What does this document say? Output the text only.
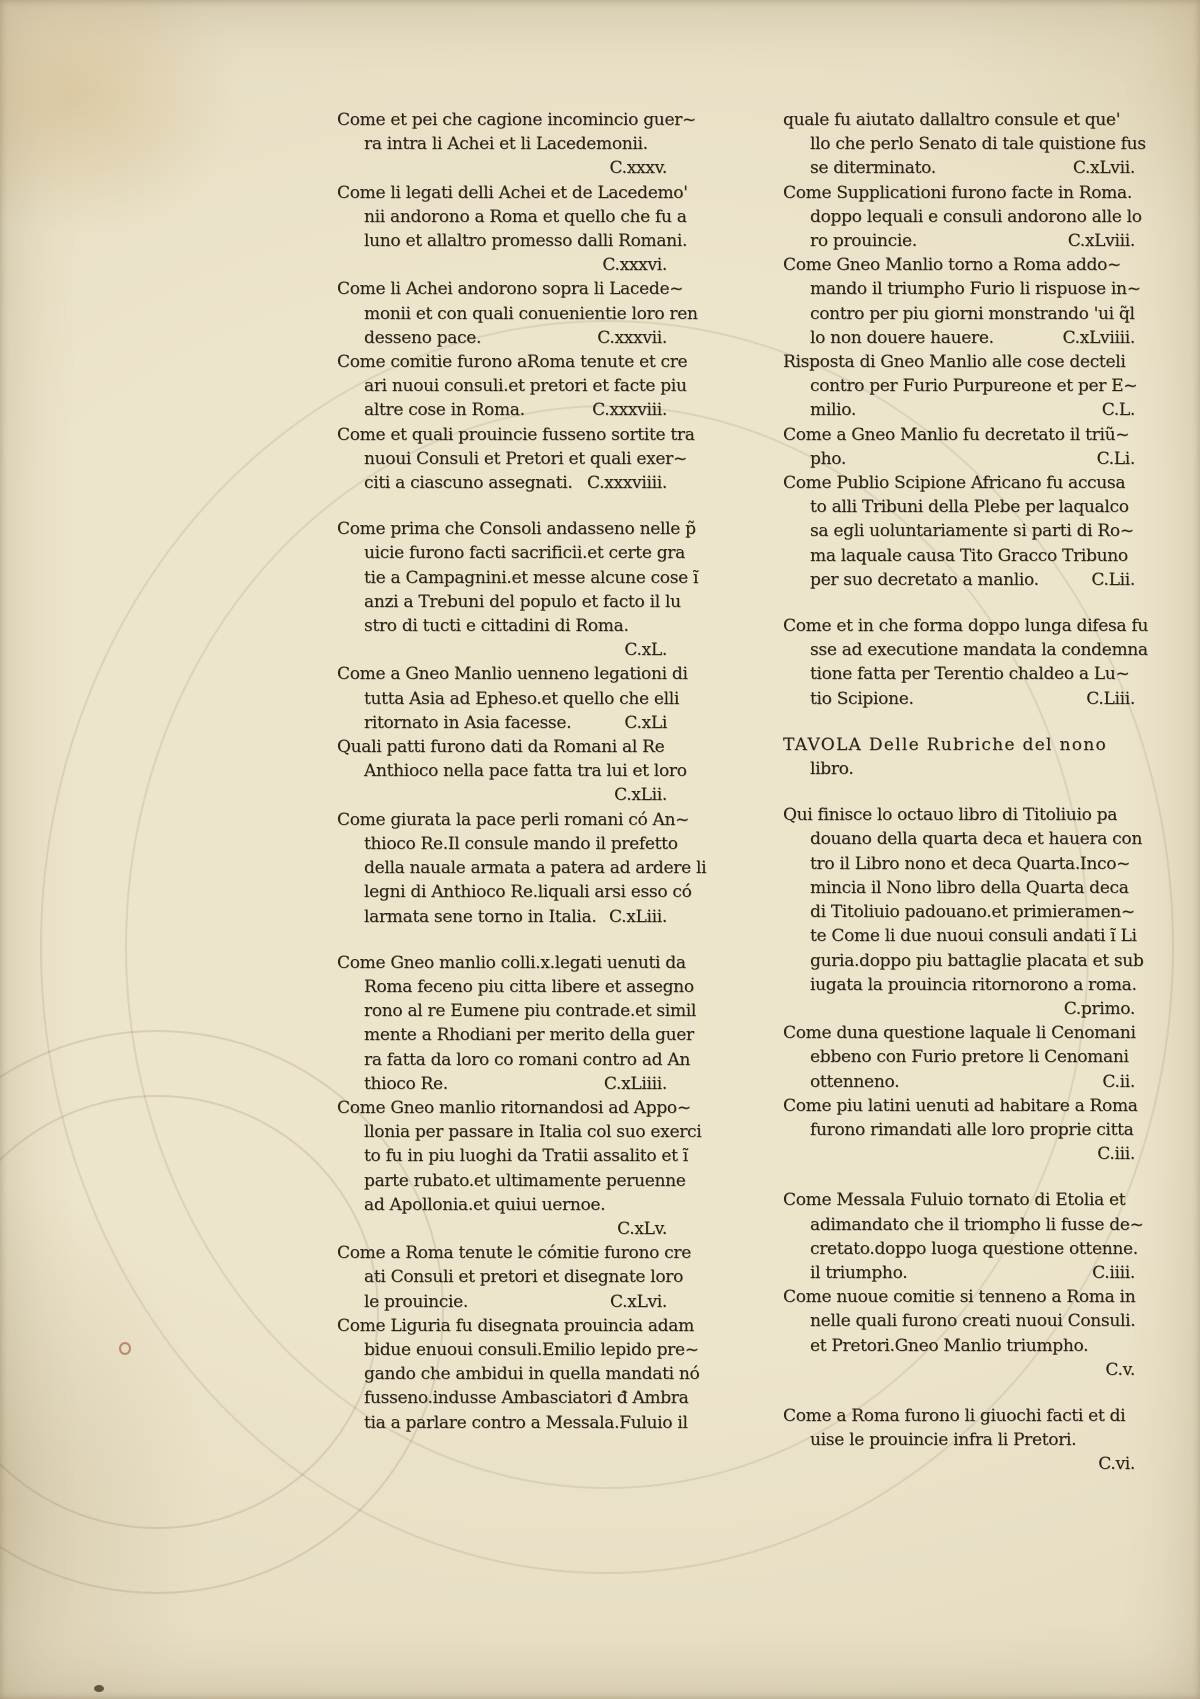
Come et pei che cagione incomincio guer~
ra intra li Achei et li Lacedemonii.
C.xxxv.
Come li legati delli Achei et de Lacedemo'
nii andorono a Roma et quello che fu a
luno et allaltro promesso dalli Romani.
C.xxxvi.
Come li Achei andorono sopra li Lacede~
monii et con quali conuenientie loro ren
desseno pace.	C.xxxvii.
Come comitie furono aRoma tenute et cre
ari nuoui consuli.et pretori et facte piu
altre cose in Roma.	C.xxxviii.
Come et quali prouincie fusseno sortite tra
nuoui Consuli et Pretori et quali exer~
citi a ciascuno assegnati. C.xxxviiii.
Come prima che Consoli andasseno nelle p̃
uicie furono facti sacrificii.et certe gra
tie a Campagnini.et messe alcune cose ĩ
anzi a Trebuni del populo et facto il lu
stro di tucti e cittadini di Roma.
C.xL.
Come a Gneo Manlio uenneno legationi di
tutta Asia ad Epheso.et quello che elli
ritornato in Asia facesse.	C.xLi
Quali patti furono dati da Romani al Re
Anthioco nella pace fatta tra lui et loro
C.xLii.
Come giurata la pace perli romani có An~
thioco Re.Il consule mando il prefetto
della nauale armata a patera ad ardere li
legni di Anthioco Re.liquali arsi esso có
larmata sene torno in Italia. C.xLiii.
Come Gneo manlio colli.x.legati uenuti da
Roma feceno piu citta libere et assegno
rono al re Eumene piu contrade.et simil
mente a Rhodiani per merito della guer
ra fatta da loro co romani contro ad An
thioco Re.	C.xLiiii.
Come Gneo manlio ritornandosi ad Appo~
llonia per passare in Italia col suo exerci
to fu in piu luoghi da Tratii assalito et ĩ
parte rubato.et ultimamente peruenne
ad Apollonia.et quiui uernoe.
C.xLv.
Come a Roma tenute le cómitie furono cre
ati Consuli et pretori et disegnate loro
le prouincie.	C.xLvi.
Come Liguria fu disegnata prouincia adam
bidue enuoui consuli.Emilio lepido pre~
gando che ambidui in quella mandati nó
fusseno.indusse Ambasciatori đ Ambra
tia a parlare contro a Messala.Fuluio il
quale fu aiutato dallaltro consule et que'
llo che perlo Senato di tale quistione fus
se diterminato.	C.xLvii.
Come Supplicationi furono facte in Roma.
doppo lequali e consuli andorono alle lo
ro prouincie.	C.xLviii.
Come Gneo Manlio torno a Roma addo~
mando il triumpho Furio li rispuose in~
contro per piu giorni monstrando 'ui q̃l
lo non douere hauere.	C.xLviiii.
Risposta di Gneo Manlio alle cose decteli
contro per Furio Purpureone et per E~
milio.	C.L.
Come a Gneo Manlio fu decretato il triũ~
pho.	C.Li.
Come Publio Scipione Africano fu accusa
to alli Tribuni della Plebe per laqualco
sa egli uoluntariamente si parti di Ro~
ma laquale causa Tito Gracco Tribuno
per suo decretato a manlio.	C.Lii.
Come et in che forma doppo lunga difesa fu
sse ad executione mandata la condemna
tione fatta per Terentio chaldeo a Lu~
tio Scipione.	C.Liii.
TAVOLA Delle Rubriche del nono
libro.
Qui finisce lo octauo libro di Titoliuio pa
douano della quarta deca et hauera con
tro il Libro nono et deca Quarta.Inco~
mincia il Nono libro della Quarta deca
di Titoliuio padouano.et primieramen~
te Come li due nuoui consuli andati ĩ Li
guria.doppo piu battaglie placata et sub
iugata la prouincia ritornorono a roma.
C.primo.
Come duna questione laquale li Cenomani
ebbeno con Furio pretore li Cenomani
ottenneno.	C.ii.
Come piu latini uenuti ad habitare a Roma
furono rimandati alle loro proprie citta
C.iii.
Come Messala Fuluio tornato di Etolia et
adimandato che il triompho li fusse de~
cretato.doppo luoga questione ottenne.
il triumpho.	C.iiii.
Come nuoue comitie si tenneno a Roma in
nelle quali furono creati nuoui Consuli.
et Pretori.Gneo Manlio triumpho.
C.v.
Come a Roma furono li giuochi facti et di
uise le prouincie infra li Pretori.
C.vi.
